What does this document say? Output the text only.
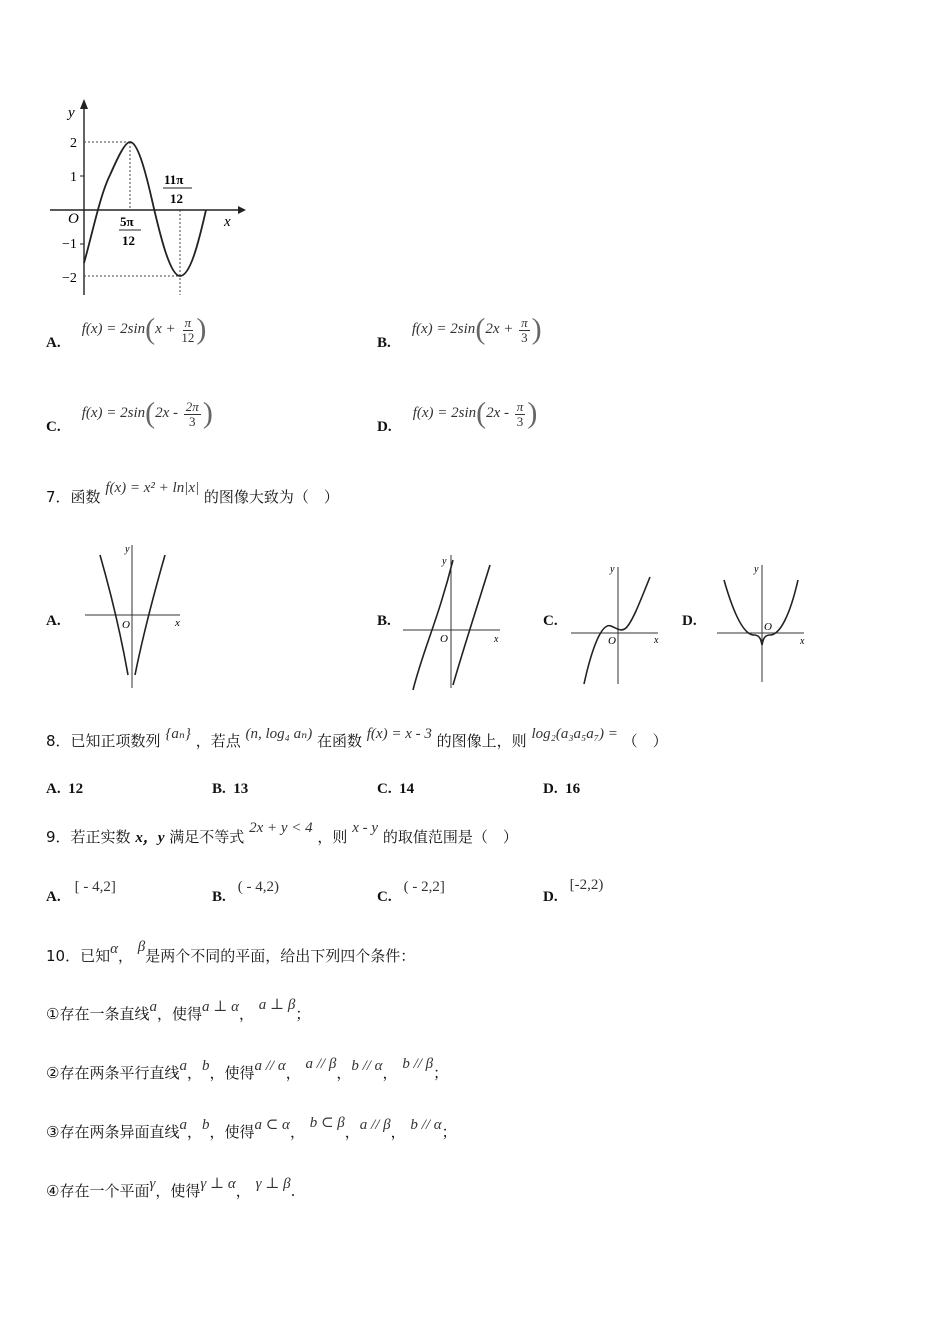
y
x
O
2
1
−1
−2
5π
12
11π
12
A. $f(x) = 2\sin(x + \frac{\pi}{12}$ )	B. $f(x) = 2\sin(2x + \frac{\pi}{3}$ )
C. $f(x) = 2\sin(2x - \frac{2\pi}{3}$ )	D. $f(x) = 2\sin(2x - \frac{\pi}{3}$ )
7．函数 f(x) = x² + ln|x| 的图像大致为（　）
A.	O	x
y
B.
O	x
y
C.
O	x
y
D.	O
x
y
8．已知正项数列 {aₙ} ，若点 (n, log₄ aₙ) 在函数 f(x) = x - 3 的图像上，则 log₂(a₃a₅a₇) = （　）
A. 12	B. 13	C. 14	D. 16
9．若正实数 x，y 满足不等式 2x + y < 4 ，则 x - y 的取值范围是（　）
A.[ - 4,2]
B.( - 4,2)
C.( - 2,2]
D.[-2,2)
10．已知α， β是两个不同的平面，给出下列四个条件：
①存在一条直线a，使得a ⊥ α， a ⊥ β；
②存在两条平行直线a，b，使得a // α， a // β，b // α， b // β；
③存在两条异面直线a，b，使得a ⊂ α， b ⊂ β，a // β， b // α；
④存在一个平面γ，使得γ ⊥ α， γ ⊥ β.
